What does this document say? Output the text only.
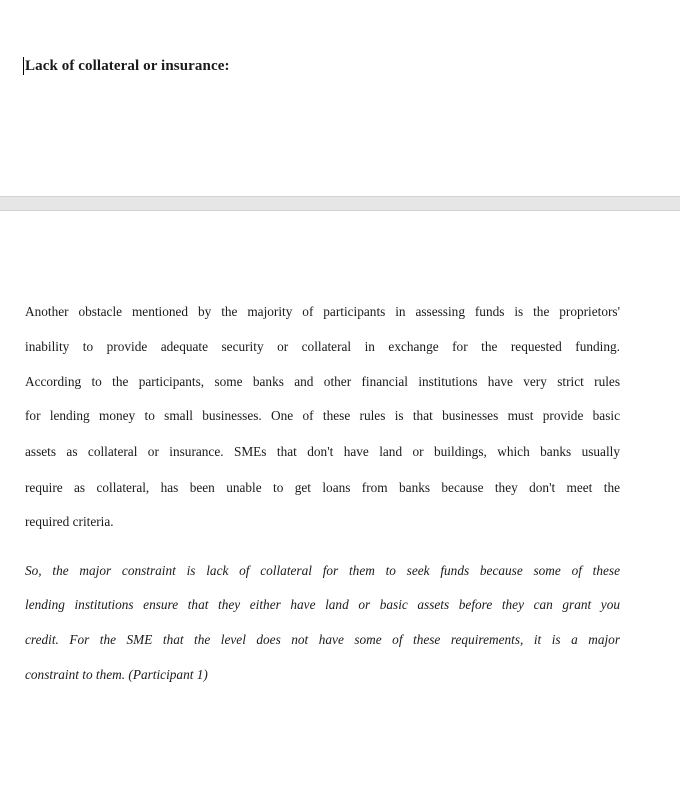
Lack of collateral or insurance:
Another obstacle mentioned by the majority of participants in assessing funds is the proprietors'
inability to provide adequate security or collateral in exchange for the requested funding.
According to the participants, some banks and other financial institutions have very strict rules
for lending money to small businesses. One of these rules is that businesses must provide basic
assets as collateral or insurance. SMEs that don't have land or buildings, which banks usually
require as collateral, has been unable to get loans from banks because they don't meet the
required criteria.
So, the major constraint is lack of collateral for them to seek funds because some of these
lending institutions ensure that they either have land or basic assets before they can grant you
credit. For the SME that the level does not have some of these requirements, it is a major
constraint to them. (Participant 1)
